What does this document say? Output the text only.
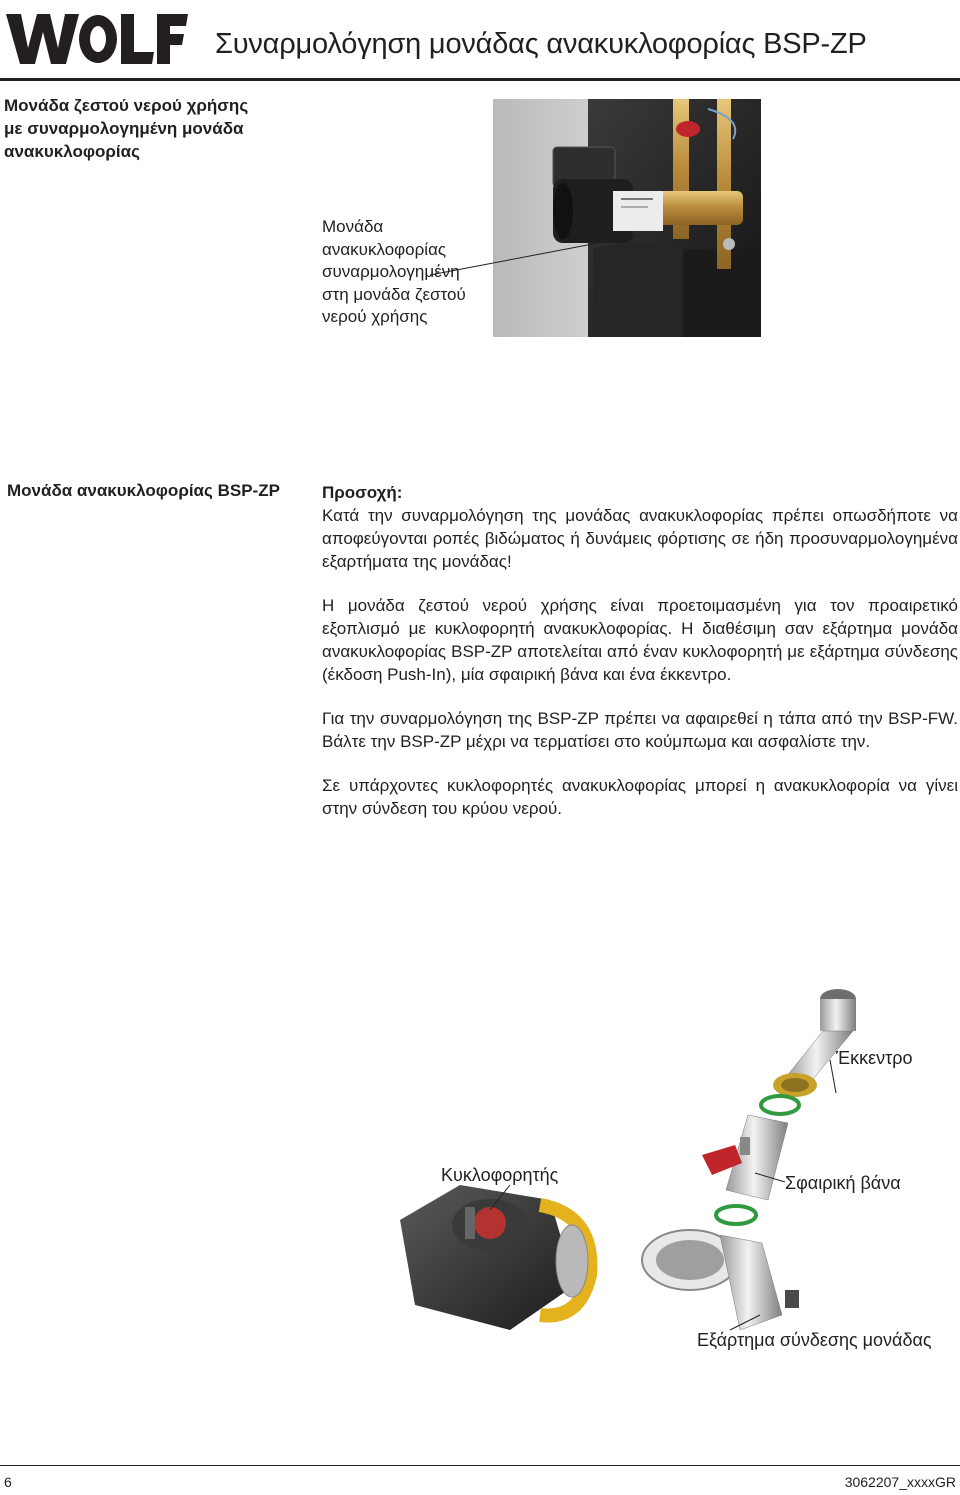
Συναρμολόγηση μονάδας ανακυκλοφορίας BSP-ZP
Μονάδα ζεστού νερού χρήσης
με συναρμολογημένη μονάδα
ανακυκλοφορίας
Μονάδα
ανακυκλοφορίας
συναρμολογημένη
στη μονάδα ζεστού
νερού χρήσης
Μονάδα ανακυκλοφορίας BSP-ZP Προσοχή:

Κατά την συναρμολόγηση της μονάδας ανακυκλοφορίας πρέπει οπωσδήποτε να αποφεύγονται ροπές βιδώματος ή δυνάμεις φόρτισης σε ήδη προσυναρμολογημένα εξαρτήματα της μονάδας!

Η μονάδα ζεστού νερού χρήσης είναι προετοιμασμένη για τον προαιρετικό εξοπλισμό με κυκλοφορητή ανακυκλοφορίας. Η διαθέσιμη σαν εξάρτημα μονάδα ανακυκλοφορίας BSP-ZP αποτελείται από έναν κυκλοφορητή με εξάρτημα σύνδεσης (έκδοση Push-In), μία σφαιρική βάνα και ένα έκκεντρο.

Για την συναρμολόγηση της BSP-ZP πρέπει να αφαιρεθεί η τάπα από την BSP-FW. Βάλτε την BSP-ZP μέχρι να τερματίσει στο κούμπωμα και ασφαλίστε την.

Σε υπάρχοντες κυκλοφορητές ανακυκλοφορίας μπορεί η ανακυκλοφορία να γίνει στην σύνδεση του κρύου νερού.

Έκκεντρο
Κυκλοφορητής	Σφαιρική βάνα
Εξάρτημα σύνδεσης μονάδας
6	3062207_xxxxGR
